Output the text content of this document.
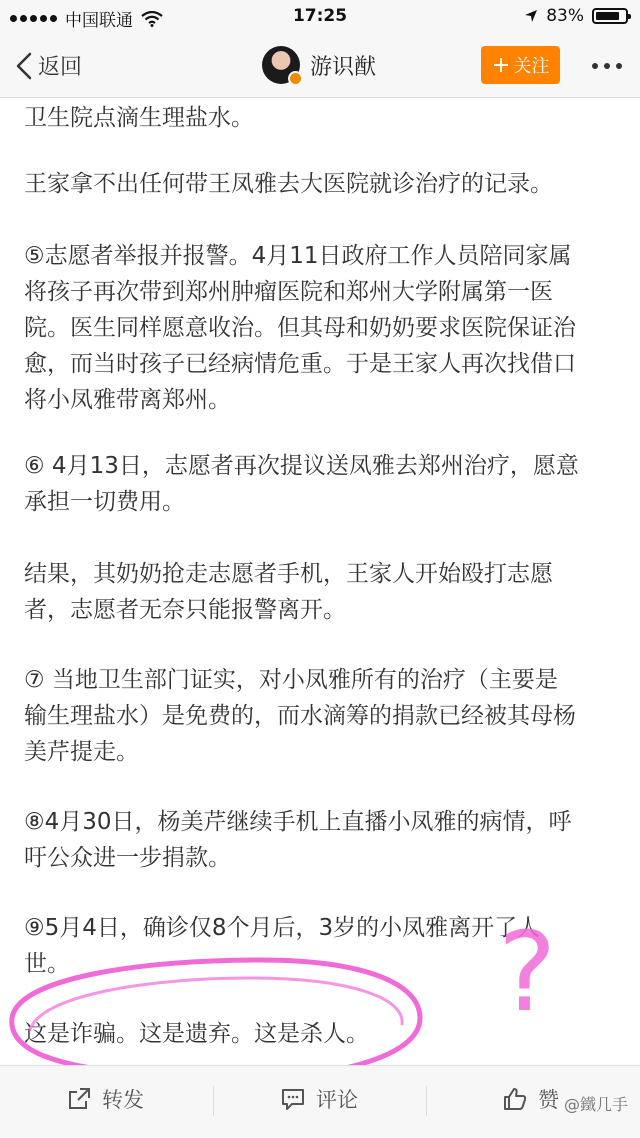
中国联通	17:25	83%
返回	游识猷	关注
卫生院点滴生理盐水。
王家拿不出任何带王凤雅去大医院就诊治疗的记录。
⑤志愿者举报并报警。4月11日政府工作人员陪同家属
将孩子再次带到郑州肿瘤医院和郑州大学附属第一医
院。医生同样愿意收治。但其母和奶奶要求医院保证治
愈，而当时孩子已经病情危重。于是王家人再次找借口
将小凤雅带离郑州。
⑥ 4月13日，志愿者再次提议送凤雅去郑州治疗，愿意
承担一切费用。
结果，其奶奶抢走志愿者手机，王家人开始殴打志愿
者，志愿者无奈只能报警离开。
⑦ 当地卫生部门证实，对小凤雅所有的治疗（主要是
输生理盐水）是免费的，而水滴筹的捐款已经被其母杨
美芹提走。
⑧4月30日，杨美芹继续手机上直播小凤雅的病情，呼
吁公众进一步捐款。
⑨5月4日，确诊仅8个月后，3岁的小凤雅离开了人
世。
这是诈骗。这是遗弃。这是杀人。	?
转发	评论	赞 @鐵几手
